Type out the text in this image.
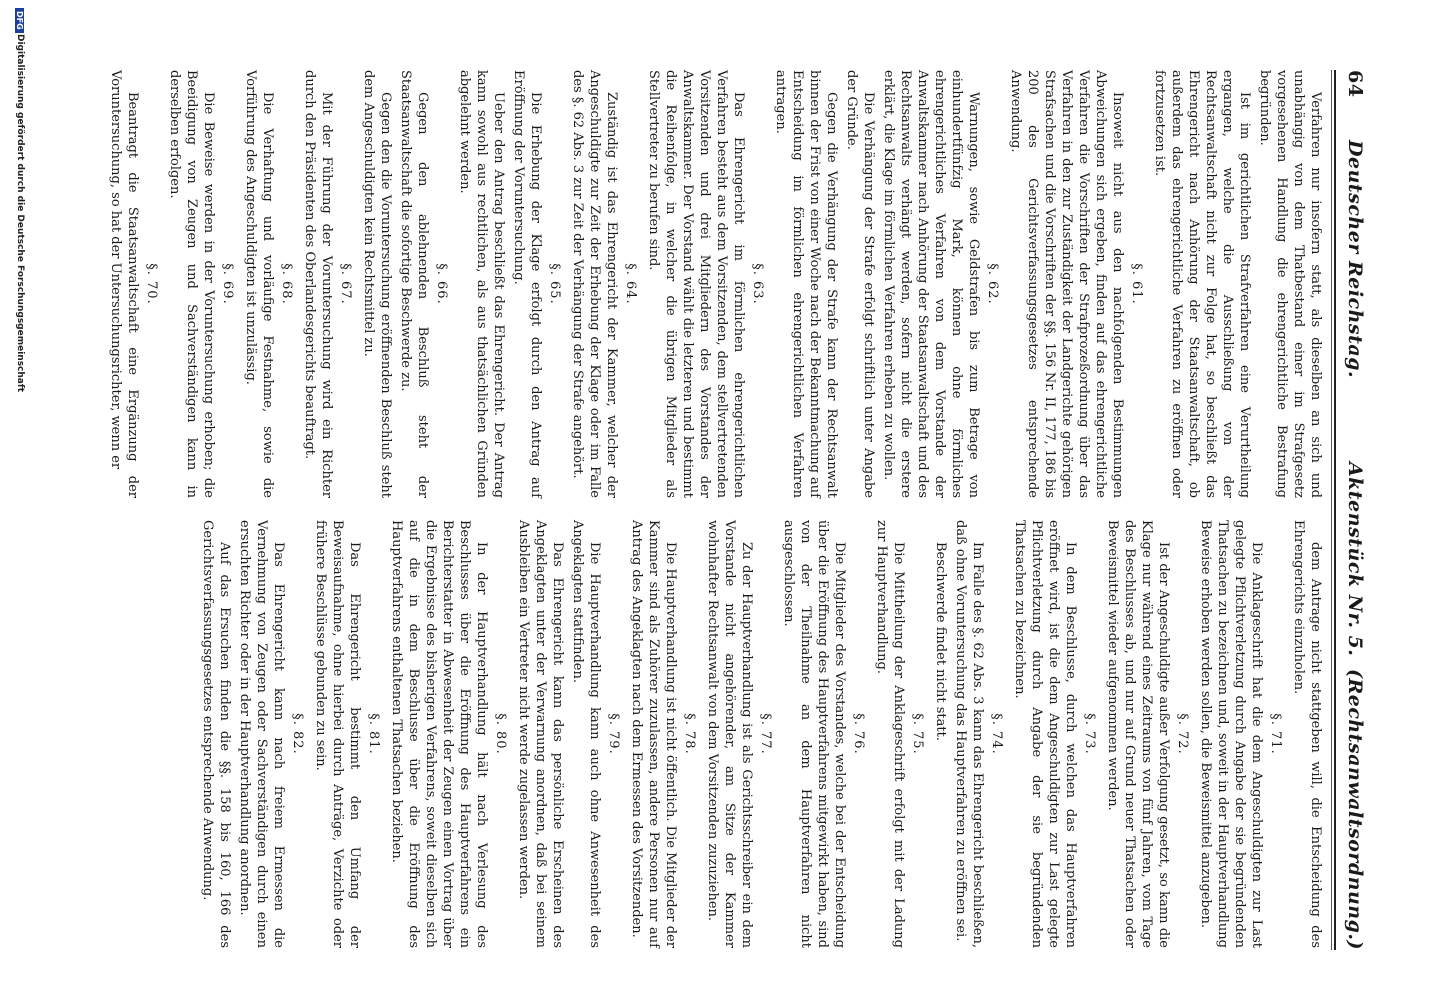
64
Deutscher Reichstag.
Aktenstück Nr. 5.
(Rechtsanwaltsordnung.)

Verfahren nur insofern statt, als dieselben an sich und unabhängig von dem Thatbestand einer im Strafgesetz vorgesehenen Handlung die ehrengerichtliche Bestrafung begründen.

Ist im gerichtlichen Strafverfahren eine Verurtheilung ergangen, welche die Ausschließung von der Rechtsanwaltschaft nicht zur Folge hat, so beschließt das Ehrengericht nach Anhörung der Staatsanwaltschaft, ob außerdem das ehrengerichtliche Verfahren zu eröffnen oder fortzusetzen ist.

§. 61.

Insoweit nicht aus den nachfolgenden Bestimmungen Abweichungen sich ergeben, finden auf das ehrengerichtliche Verfahren die Vorschriften der Strafprozeßordnung über das Verfahren in den zur Zuständigkeit der Landgerichte gehörigen Strafsachen und die Vorschriften der §§. 156 Nr. II, 177, 186 bis 200 des Gerichtsverfassungsgesetzes entsprechende Anwendung.

§. 62.

Warnungen, sowie Geldstrafen bis zum Betrage von einhundertfünfzig Mark, können ohne förmliches ehrengerichtliches Verfahren von dem Vorstande der Anwaltskammer nach Anhörung der Staatsanwaltschaft und des Rechtsanwalts verhängt werden, sofern nicht die erstere erklärt, die Klage im förmlichen Verfahren erheben zu wollen.

Die Verhängung der Strafe erfolgt schriftlich unter Angabe der Gründe.

Gegen die Verhängung der Strafe kann der Rechtsanwalt binnen der Frist von einer Woche nach der Bekanntmachung auf Entscheidung im förmlichen ehrengerichtlichen Verfahren antragen.

§. 63.

Das Ehrengericht im förmlichen ehrengerichtlichen Verfahren besteht aus dem Vorsitzenden, dem stellvertretenden Vorsitzenden und drei Mitgliedern des Vorstandes der Anwaltskammer. Der Vorstand wählt die letzteren und bestimmt die Reihenfolge, in welcher die übrigen Mitglieder als Stellvertreter zu berufen sind.

§. 64.

Zuständig ist das Ehrengericht der Kammer, welcher der Angeschuldigte zur Zeit der Erhebung der Klage oder im Falle des §. 62 Abs. 3 zur Zeit der Verhängung der Strafe angehört.

§. 65.

Die Erhebung der Klage erfolgt durch den Antrag auf Eröffnung der Voruntersuchung.

Ueber den Antrag beschließt das Ehrengericht. Der Antrag kann sowohl aus rechtlichen, als aus thatsächlichen Gründen abgelehnt werden.

§. 66.

Gegen den ablehnenden Beschluß steht der Staatsanwaltschaft die sofortige Beschwerde zu.

Gegen den die Voruntersuchung eröffnenden Beschluß steht dem Angeschuldigten kein Rechtsmittel zu.

§. 67.

Mit der Führung der Voruntersuchung wird ein Richter durch den Präsidenten des Oberlandesgerichts beauftragt.

§. 68.

Die Verhaftung und vorläufige Festnahme, sowie die Vorführung des Angeschuldigten ist unzulässig.

§. 69.

Die Beweise werden in der Voruntersuchung erhoben; die Beeidigung von Zeugen und Sachverständigen kann in derselben erfolgen.

§. 70.

Beantragt die Staatsanwaltschaft eine Ergänzung der Voruntersuchung, so hat der Untersuchungsrichter, wenn er

dem Antrage nicht stattgeben will, die Entscheidung des Ehrengerichts einzuholen.

§. 71.

Die Anklageschrift hat die dem Angeschuldigten zur Last gelegte Pflichtverletzung durch Angabe der sie begründenden Thatsachen zu bezeichnen und, soweit in der Hauptverhandlung Beweise erhoben werden sollen, die Beweismittel anzugeben.

§. 72.

Ist der Angeschuldigte außer Verfolgung gesetzt, so kann die Klage nur während eines Zeitraums von fünf Jahren, vom Tage des Beschlusses ab, und nur auf Grund neuer Thatsachen oder Beweismittel wieder aufgenommen werden.

§. 73.

In dem Beschlusse, durch welchen das Hauptverfahren eröffnet wird, ist die dem Angeschuldigten zur Last gelegte Pflichtverletzung durch Angabe der sie begründenden Thatsachen zu bezeichnen.

§. 74.

Im Falle des §. 62 Abs. 3 kann das Ehrengericht beschließen, daß ohne Voruntersuchung das Hauptverfahren zu eröffnen sei.

Beschwerde findet nicht statt.

§. 75.

Die Mittheilung der Anklageschrift erfolgt mit der Ladung zur Hauptverhandlung.

§. 76.

Die Mitglieder des Vorstandes, welche bei der Entscheidung über die Eröffnung des Hauptverfahrens mitgewirkt haben, sind von der Theilnahme an dem Hauptverfahren nicht ausgeschlossen.

§. 77.

Zu der Hauptverhandlung ist als Gerichtsschreiber ein dem Vorstande nicht angehörender, am Sitze der Kammer wohnhafter Rechtsanwalt von dem Vorsitzenden zuzuziehen.

§. 78.

Die Hauptverhandlung ist nicht öffentlich. Die Mitglieder der Kammer sind als Zuhörer zuzulassen, andere Personen nur auf Antrag des Angeklagten nach dem Ermessen des Vorsitzenden.

§. 79.

Die Hauptverhandlung kann auch ohne Anwesenheit des Angeklagten stattfinden.

Das Ehrengericht kann das persönliche Erscheinen des Angeklagten unter der Verwarnung anordnen, daß bei seinem Ausbleiben ein Vertreter nicht werde zugelassen werden.

§. 80.

In der Hauptverhandlung hält nach Verlesung des Beschlusses über die Eröffnung des Hauptverfahrens ein Berichterstatter in Abwesenheit der Zeugen einen Vortrag über die Ergebnisse des bisherigen Verfahrens, soweit dieselben sich auf die in dem Beschlusse über die Eröffnung des Hauptverfahrens enthaltenen Thatsachen beziehen.

§. 81.

Das Ehrengericht bestimmt den Umfang der Beweisaufnahme, ohne hierbei durch Anträge, Verzichte oder frühere Beschlüsse gebunden zu sein.

§. 82.

Das Ehrengericht kann nach freiem Ermessen die Vernehmung von Zeugen oder Sachverständigen durch einen ersuchten Richter oder in der Hauptverhandlung anordnen.

Auf das Ersuchen finden die §§. 158 bis 160, 166 des Gerichtsverfassungsgesetzes entsprechende Anwendung.

DFG
Digitalisierung gefördert durch die Deutsche Forschungsgemeinschaft
